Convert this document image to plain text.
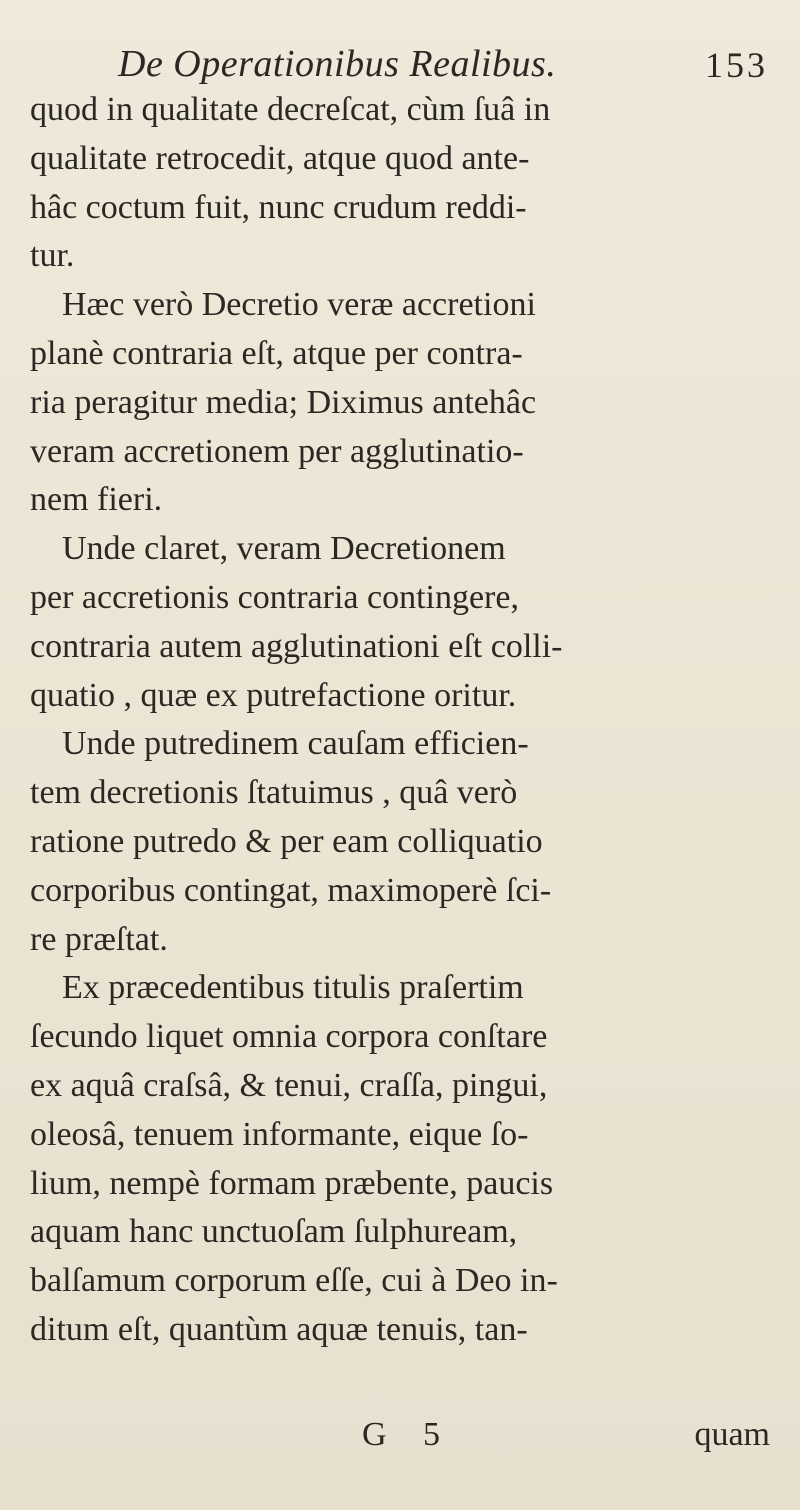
De Operationibus Realibus.	153
quod in qualitate decreſcat, cùm ſuâ in
qualitate retrocedit, atque quod ante-
hâc coctum fuit, nunc crudum reddi-
tur.
Hæc verò Decretio veræ accretioni
planè contraria eſt, atque per contra-
ria peragitur media; Diximus antehâc
veram accretionem per agglutinatio-
nem fieri.
Unde claret, veram Decretionem
per accretionis contraria contingere,
contraria autem agglutinationi eſt colli-
quatio , quæ ex putrefactione oritur.
Unde putredinem cauſam efficien-
tem decretionis ſtatuimus , quâ verò
ratione putredo & per eam colliquatio
corporibus contingat, maximoperè ſci-
re præſtat.
Ex præcedentibus titulis praſertim
ſecundo liquet omnia corpora conſtare
ex aquâ craſsâ, & tenui, craſſa, pingui,
oleosâ, tenuem informante, eique ſo-
lium, nempè formam præbente, paucis
aquam hanc unctuoſam ſulphuream,
balſamum corporum eſſe, cui à Deo in-
ditum eſt, quantùm aquæ tenuis, tan-
G 5	quam
